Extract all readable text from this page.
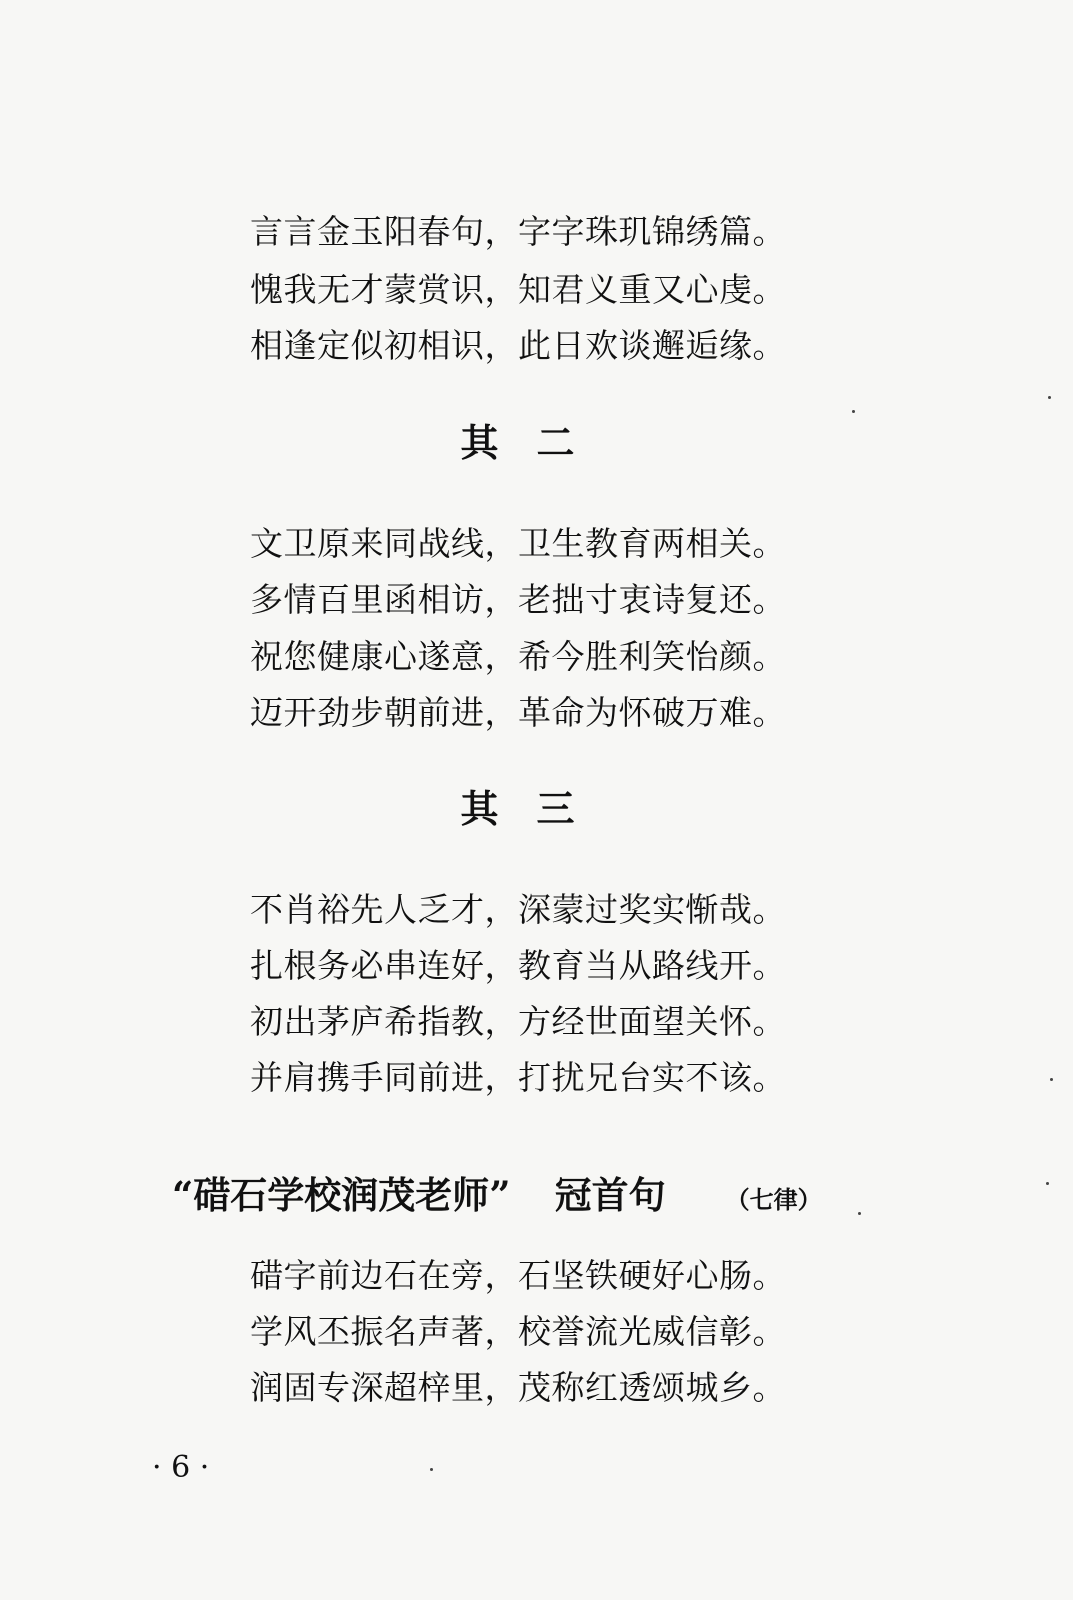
言言金玉阳春句，字字珠玑锦绣篇。
愧我无才蒙赏识，知君义重又心虔。
相逢定似初相识，此日欢谈邂逅缘。
其　二
文卫原来同战线，卫生教育两相关。
多情百里函相访，老拙寸衷诗复还。
祝您健康心遂意，希今胜利笑怡颜。
迈开劲步朝前进，革命为怀破万难。
其　三
不肖裕先人乏才，深蒙过奖实惭哉。
扎根务必串连好，教育当从路线开。
初出茅庐希指教，方经世面望关怀。
并肩携手同前进，打扰兄台实不该。
“碏石学校润茂老师” 冠首句	（七律）
碏字前边石在旁，石坚铁硬好心肠。
学风丕振名声著，校誉流光威信彰。
润固专深超梓里，茂称红透颂城乡。
· 6 ·
